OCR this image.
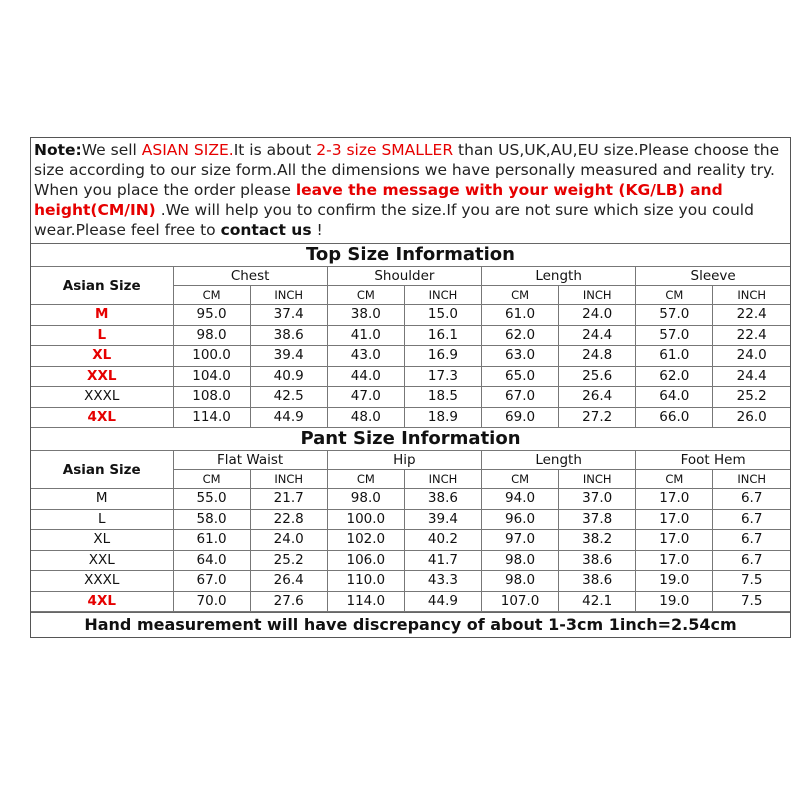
Note:We sell ASIAN SIZE.It is about 2-3 size SMALLER than US,UK,AU,EU size.Please choose the size according to our size form.All the dimensions we have personally measured and reality try. When you place the order please leave the message with your weight (KG/LB) and height(CM/IN) .We will help you to confirm the size.If you are not sure which size you could wear.Please feel free to contact us !
Top Size Information								
Asian Size	Chest		Shoulder		Length		Sleeve	
	CM	INCH	CM	INCH	CM	INCH	CM	INCH
M	95.0	37.4	38.0	15.0	61.0	24.0	57.0	22.4
L	98.0	38.6	41.0	16.1	62.0	24.4	57.0	22.4
XL	100.0	39.4	43.0	16.9	63.0	24.8	61.0	24.0
XXL	104.0	40.9	44.0	17.3	65.0	25.6	62.0	24.4
XXXL	108.0	42.5	47.0	18.5	67.0	26.4	64.0	25.2
4XL	114.0	44.9	48.0	18.9	69.0	27.2	66.0	26.0
Pant Size Information								
Asian Size	Flat Waist		Hip		Length		Foot Hem	
	CM	INCH	CM	INCH	CM	INCH	CM	INCH
M	55.0	21.7	98.0	38.6	94.0	37.0	17.0	6.7
L	58.0	22.8	100.0	39.4	96.0	37.8	17.0	6.7
XL	61.0	24.0	102.0	40.2	97.0	38.2	17.0	6.7
XXL	64.0	25.2	106.0	41.7	98.0	38.6	17.0	6.7
XXXL	67.0	26.4	110.0	43.3	98.0	38.6	19.0	7.5
4XL	70.0	27.6	114.0	44.9	107.0	42.1	19.0	7.5
Hand measurement will have discrepancy of about 1-3cm 1inch=2.54cm
